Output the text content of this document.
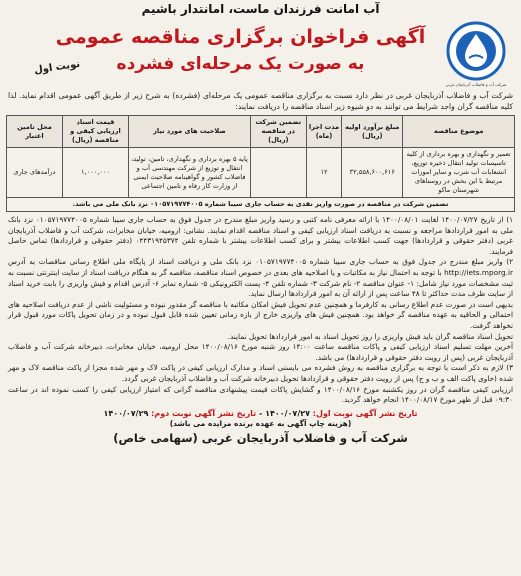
آب امانت فرزندان ماست، امانتدار باشیم
آگهی فراخوان برگزاری مناقصه عمومی
به صورت یک مرحله‌ای فشرده
نوبت اول
شرکت آب و فاضلاب آذربایجان غربی
شرکت آب و فاضلاب آذربایجان غربی در نظر دارد نسبت به برگزاری مناقصه عمومی یک مرحله‌ای (فشرده) به شرح زیر از طریق آگهی عمومی اقدام نماید. لذا کلیه مناقصه گران واجد شرایط می توانند به دو شیوه زیر اسناد مناقصه را دریافت نمایند:
موضوع مناقصه	مبلغ برآورد اولیه (ریال)	مدت اجرا (ماه)	تضمین شرکت در مناقصه (ریال)	صلاحیت های مورد نیاز	قیمت اسناد ارزیابی کیفی و مناقصه (ریال)	محل تامین اعتبار
تعمیر و نگهداری و بهره برداری از کلیه تاسیسات تولید انتقال ذخیره توزیع، انشعابات آب شرب و سایر امورات مرتبط با این بخش در روستاهای شهرستان ماکو	۳۲,۵۵۸,۶۰۰,۶۱۶	۱۲		پایه ۵ بهره برداری و نگهداری، تامین، تولید، انتقال و توزیع از شرکت مهندسی آب و فاضلاب کشور و گواهینامه صلاحیت ایمنی از وزارت کار رفاه و تامین اجتماعی	۱,۰۰۰,۰۰۰	درآمدهای جاری
تضمین شرکت در مناقصه در صورت واریز نقدی به حساب جاری سیبا شماره ۰۱۰۵۷۱۹۷۷۴۰۰۵ نزد بانک ملی می باشد.						

۱) از تاریخ ۱۴۰۰/۰۷/۲۷ لغایت ۱۴۰۰/۰۸/۰۱ با ارائه معرفی نامه کتبی و رسید واریز مبلغ مندرج در جدول فوق به حساب جاری سیبا شماره ۰۱۰۵۷۱۹۷۷۴۰۰۵ نزد بانک ملی به امور قراردادها مراجعه و نسبت به دریافت اسناد ارزیابی کیفی و اسناد مناقصه اقدام نمایند. نشانی: ارومیه، خیابان مخابرات، شرکت آب و فاضلاب آذربایجان غربی (دفتر حقوقی و قراردادها) جهت کسب اطلاعات بیشتر و برای کسب اطلاعات بیشتر با شماره تلفن ۰۴۴۳۱۹۴۵۳۷۴ (دفتر حقوقی و قراردادها) تماس حاصل فرمایند.

۲) واریز مبلغ مندرج در جدول فوق به حساب جاری سیبا شماره ۰۱۰۵۷۱۹۷۷۴۰۰۵ نزد بانک ملی و دریافت اسناد از پایگاه ملی اطلاع رسانی مناقصات به آدرس http://iets.mporg.ir با توجه به احتمال نیاز به مکاتبات و یا اصلاحیه های بعدی در خصوص اسناد مناقصه، مناقصه گر به هنگام دریافت اسناد از سایت اینترنتی نسبت به ثبت مشخصات مورد نیاز شامل: ۱- عنوان مناقصه ۲- نام شرکت ۳- شماره تلفن ۴- پست الکترونیکی ۵- شماره نمابر ۶- آدرس اقدام و فیش واریزی را بابت خرید اسناد از سایت ظرف مدت حداکثر تا ۴۸ ساعت پس از ارائه آن به امور قراردادها ارسال نماید.

بدیهی است در صورت عدم اطلاع رسانی به کارفرما و همچنین عدم تحویل فیش امکان مکاتبه با مناقصه گر مقدور نبوده و مسئولیت ناشی از عدم دریافت اصلاحیه های احتمالی و الحاقیه به عهده مناقصه گر خواهد بود. همچنین فیش های واریزی خارج از بازه زمانی تعیین شده قابل قبول نبوده و در زمان تحویل پاکات مورد قبول قرار نخواهد گرفت.

تحویل اسناد مناقصه گران باید فیش واریزی را روز تحویل اسناد به امور قراردادها تحویل نمایند.

آخرین مهلت تسلیم اسناد ارزیابی کیفی و پاکات مناقصه ساعت ۱۴:۰۰ روز شنبه مورخ ۱۴۰۰/۰۸/۱۶ محل ارومیه، خیابان مخابرات، دبیرخانه شرکت آب و فاضلاب آذربایجان غربی (پس از رویت دفتر حقوقی و قراردادها) می باشد.

۳) لازم به ذکر است با توجه به برگزاری مناقصه به روش فشرده می بایستی اسناد و مدارک ارزیابی کیفی در پاکت لاک و مهر شده مجزا از پاکت مناقصه لاک و مهر شده (حاوی پاکت الف و ب و ج) پس از رویت دفتر حقوقی و قراردادها تحویل دبیرخانه شرکت آب و فاضلاب آذربایجان غربی گردد.

ارزیابی کیفی مناقصه گران در روز یکشنبه مورخ ۱۴۰۰/۰۸/۱۶ و گشایش پاکات قیمت پیشنهادی مناقصه گرانی که امتیاز ارزیابی کیفی را کسب نموده اند در ساعت ۰۹:۳۰ قبل از ظهر مورخ ۱۴۰۰/۰۸/۱۷ انجام خواهد گردید.

تاریخ نشر آگهی نوبت اول: ۱۴۰۰/۰۷/۲۷ - تاریخ نشر آگهی نوبت دوم: ۱۴۰۰/۰۷/۲۹
(هزینه چاپ آگهی به عهده برنده مزایده می باشد)
شرکت آب و فاضلاب آذربایجان غربی (سهامی خاص)
